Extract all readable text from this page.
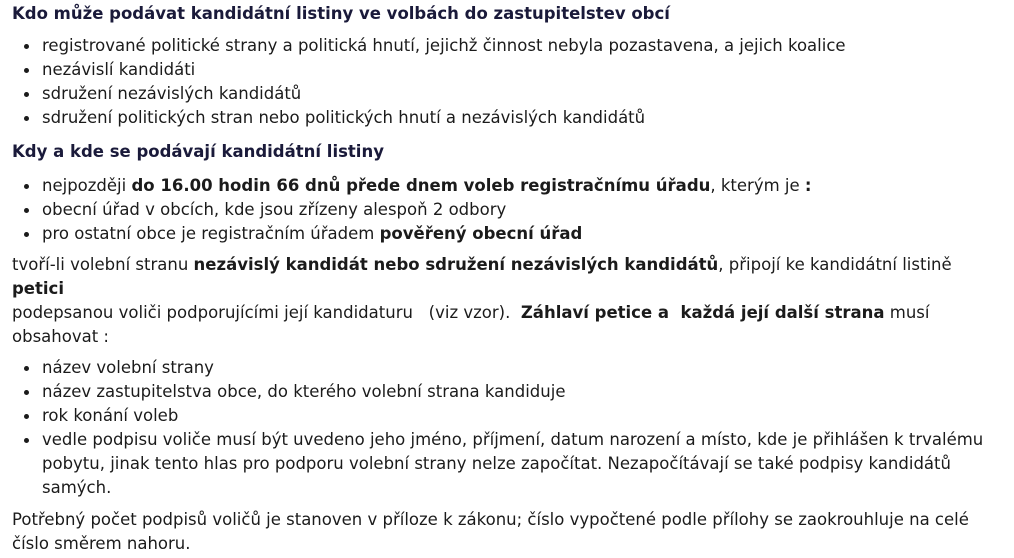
Kdo může podávat kandidátní listiny ve volbách do zastupitelstev obcí
registrované politické strany a politická hnutí, jejichž činnost nebyla pozastavena, a jejich koalice
nezávislí kandidáti
sdružení nezávislých kandidátů
sdružení politických stran nebo politických hnutí a nezávislých kandidátů
Kdy a kde se podávají kandidátní listiny
nejpozději do 16.00 hodin 66 dnů přede dnem voleb registračnímu úřadu, kterým je :
obecní úřad v obcích, kde jsou zřízeny alespoň 2 odbory
pro ostatní obce je registračním úřadem pověřený obecní úřad

tvoří-li volební stranu nezávislý kandidát nebo sdružení nezávislých kandidátů, připojí ke kandidátní listině petici
podepsanou voliči podporujícími její kandidaturu   (viz vzor).  Záhlaví petice a  každá její další strana musí obsahovat :

název volební strany
název zastupitelstva obce, do kterého volební strana kandiduje
rok konání voleb
vedle podpisu voliče musí být uvedeno jeho jméno, příjmení, datum narození a místo, kde je přihlášen k trvalému pobytu, jinak tento hlas pro podporu volební strany nelze započítat. Nezapočítávají se také podpisy kandidátů samých.

Potřebný počet podpisů voličů je stanoven v příloze k zákonu; číslo vypočtené podle přílohy se zaokrouhluje na celé číslo směrem nahoru.
